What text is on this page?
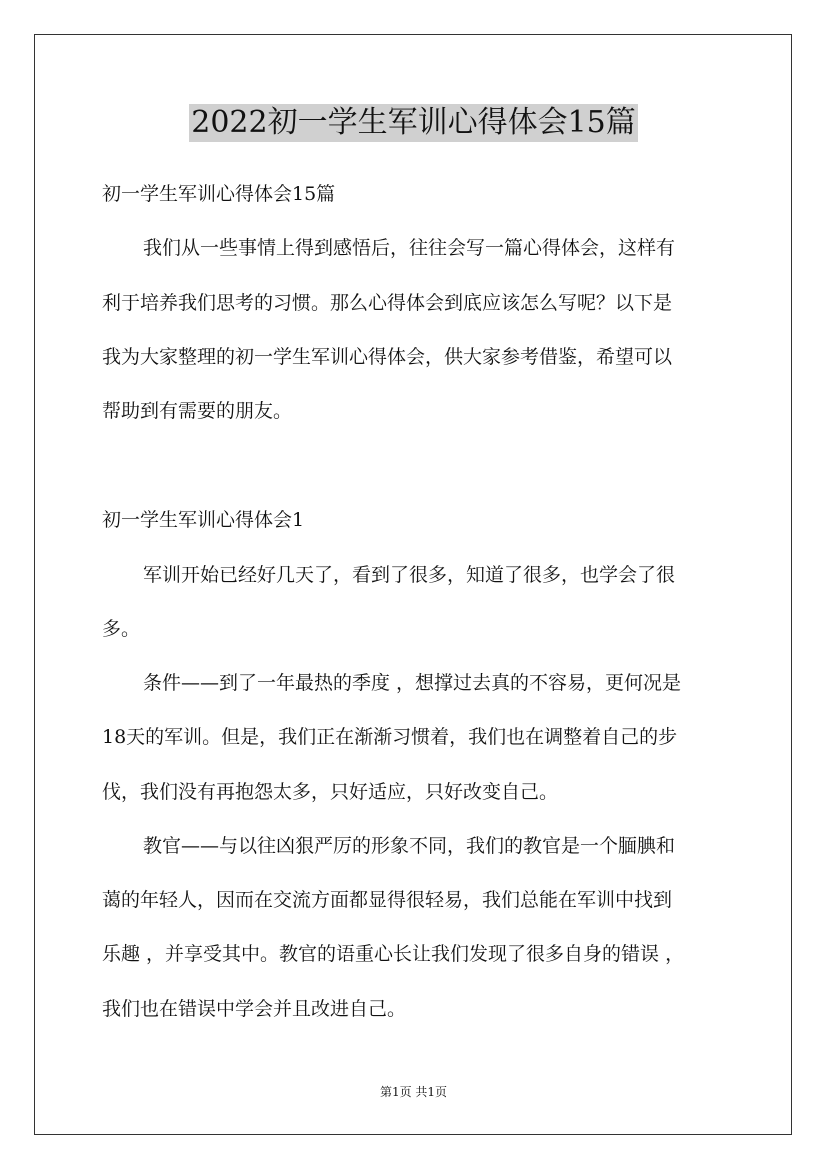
2022初一学生军训心得体会15篇
初一学生军训心得体会15篇
我们从一些事情上得到感悟后，往往会写一篇心得体会，这样有
利于培养我们思考的习惯。那么心得体会到底应该怎么写呢？以下是
我为大家整理的初一学生军训心得体会，供大家参考借鉴，希望可以
帮助到有需要的朋友。
初一学生军训心得体会1
军训开始已经好几天了，看到了很多，知道了很多，也学会了很
多。
条件——到了一年最热的季度 ，想撑过去真的不容易，更何况是
18天的军训。但是，我们正在渐渐习惯着，我们也在调整着自己的步
伐，我们没有再抱怨太多，只好适应，只好改变自己。
教官——与以往凶狠严厉的形象不同，我们的教官是一个腼腆和
蔼的年轻人，因而在交流方面都显得很轻易，我们总能在军训中找到
乐趣 ，并享受其中。教官的语重心长让我们发现了很多自身的错误 ，
我们也在错误中学会并且改进自己。
第1页 共1页
